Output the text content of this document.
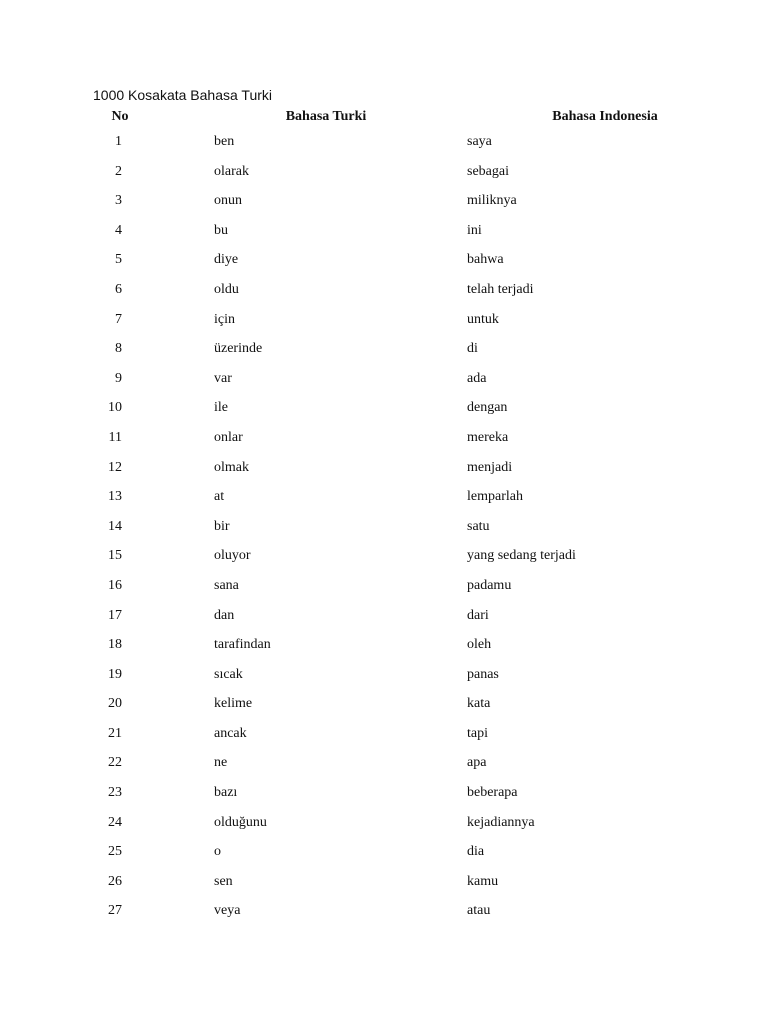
1000 Kosakata Bahasa Turki
No	Bahasa Turki	Bahasa Indonesia
1	ben	saya
2	olarak	sebagai
3	onun	miliknya
4	bu	ini
5	diye	bahwa
6	oldu	telah terjadi
7	için	untuk
8	üzerinde	di
9	var	ada
10	ile	dengan
11	onlar	mereka
12	olmak	menjadi
13	at	lemparlah
14	bir	satu
15	oluyor	yang sedang terjadi
16	sana	padamu
17	dan	dari
18	tarafindan	oleh
19	sıcak	panas
20	kelime	kata
21	ancak	tapi
22	ne	apa
23	bazı	beberapa
24	olduğunu	kejadiannya
25	o	dia
26	sen	kamu
27	veya	atau
